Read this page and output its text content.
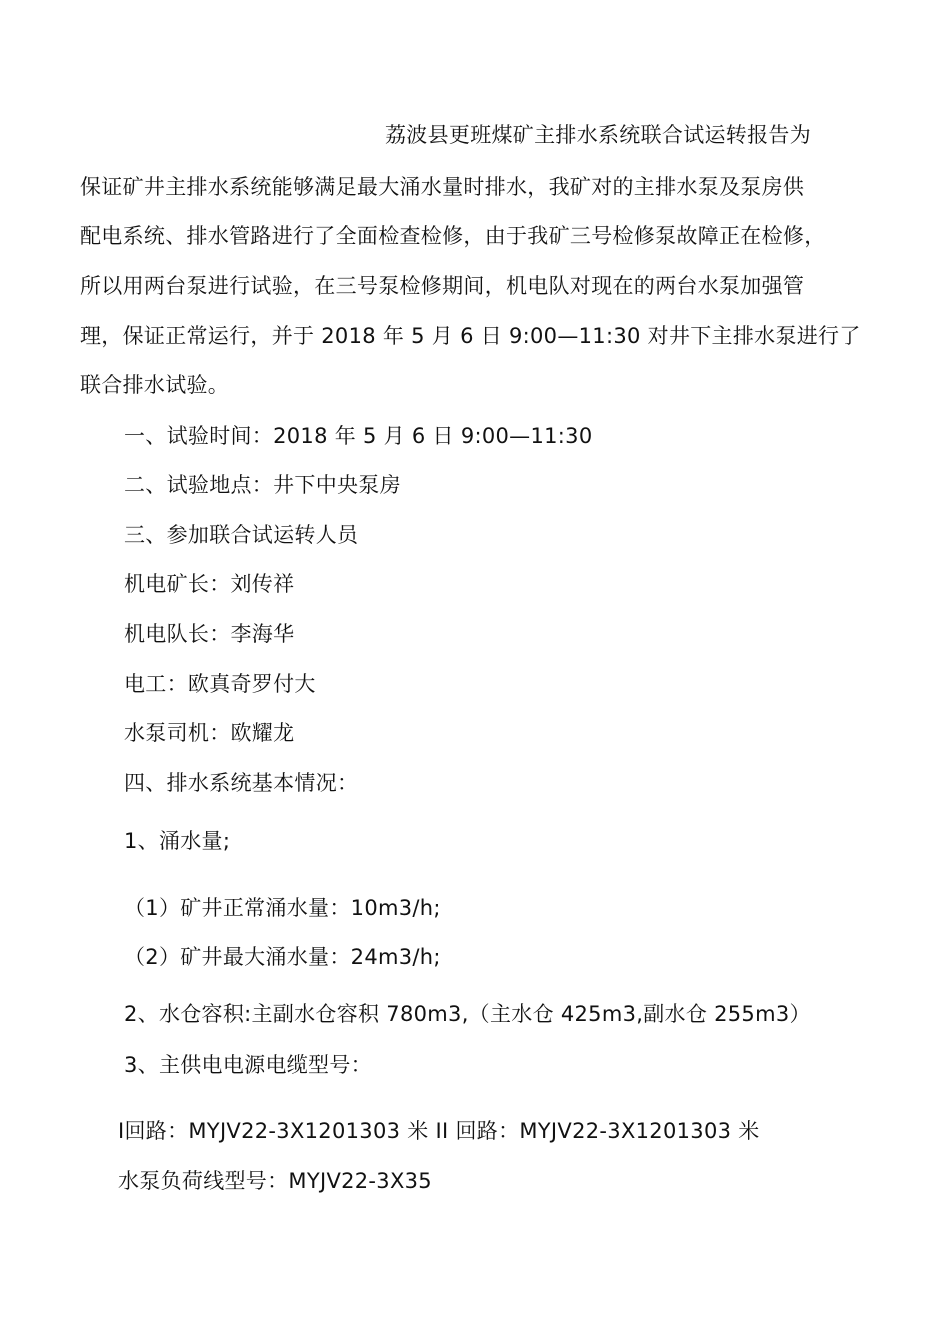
荔波县更班煤矿主排水系统联合试运转报告为
保证矿井主排水系统能够满足最大涌水量时排水，我矿对的主排水泵及泵房供
配电系统、排水管路进行了全面检查检修，由于我矿三号检修泵故障正在检修，
所以用两台泵进行试验，在三号泵检修期间，机电队对现在的两台水泵加强管
理，保证正常运行，并于 2018 年 5 月 6 日 9:00—11:30 对井下主排水泵进行了
联合排水试验。
一、试验时间：2018 年 5 月 6 日 9:00—11:30
二、试验地点：井下中央泵房
三、参加联合试运转人员
机电矿长：刘传祥
机电队长：李海华
电工：欧真奇罗付大
水泵司机：欧耀龙
四、排水系统基本情况：
1、涌水量;
（1）矿井正常涌水量：10m3/h;
（2）矿井最大涌水量：24m3/h;
2、水仓容积:主副水仓容积 780m3,（主水仓 425m3,副水仓 255m3）
3、主供电电源电缆型号：
Ⅰ回路：MYJV22-3X1201303 米 II 回路：MYJV22-3X1201303 米
水泵负荷线型号：MYJV22-3X35
